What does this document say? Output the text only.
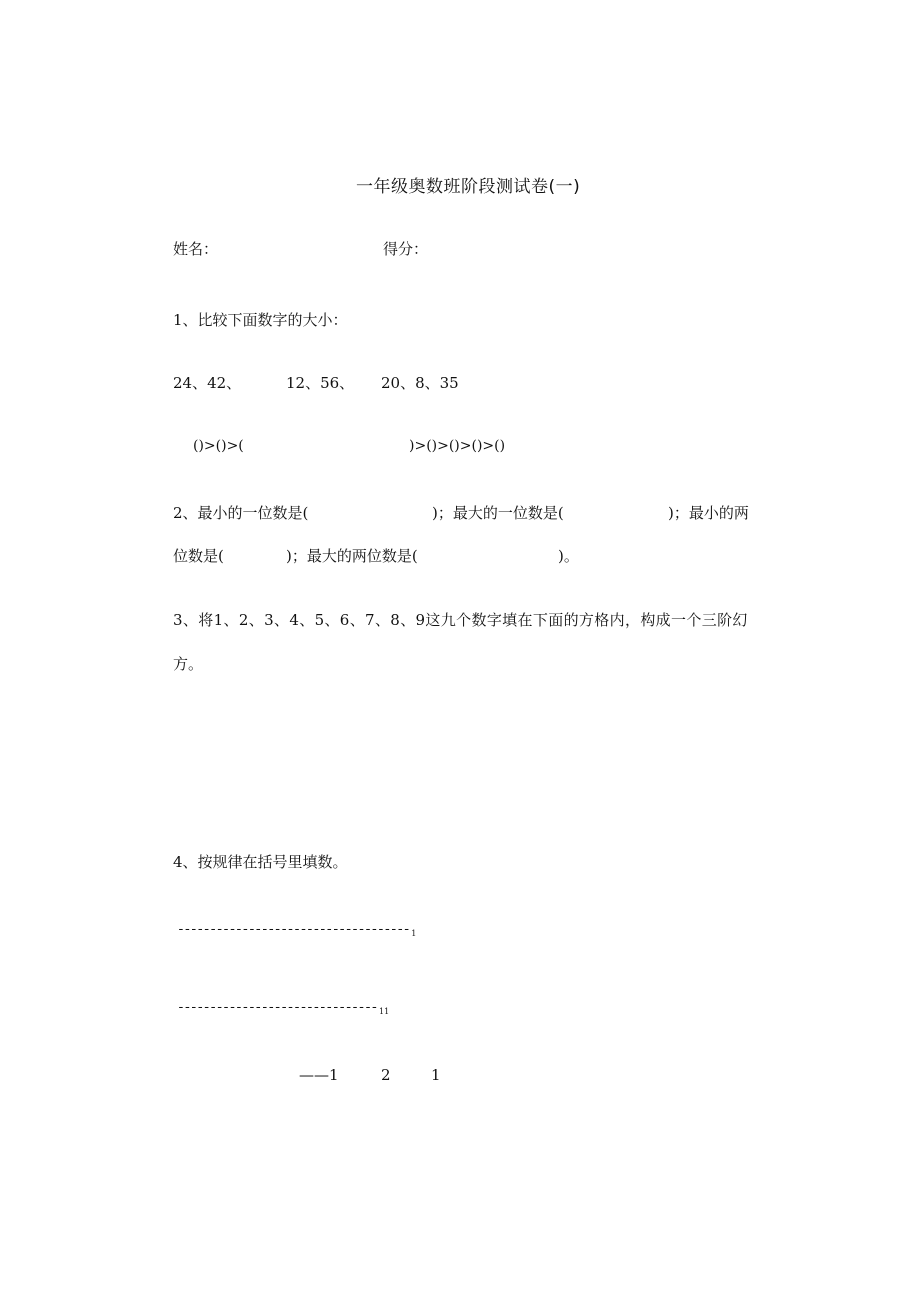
一年级奥数班阶段测试卷(一)
姓名：	得分：
1、比较下面数字的大小：
24、42、	12、56、 20、8、35
()>()>(	)>()>()>()>()
2、最小的一位数是(	)；最大的一位数是(	)；最小的两
位数是(	)；最大的两位数是(	)。
3、将1、2、3、4、5、6、7、8、9这九个数字填在下面的方格内，构成一个三阶幻
方。
4、按规律在括号里填数。
------------------------------------ $_1$
------------------------------- $_{11}$
——1	2	1
